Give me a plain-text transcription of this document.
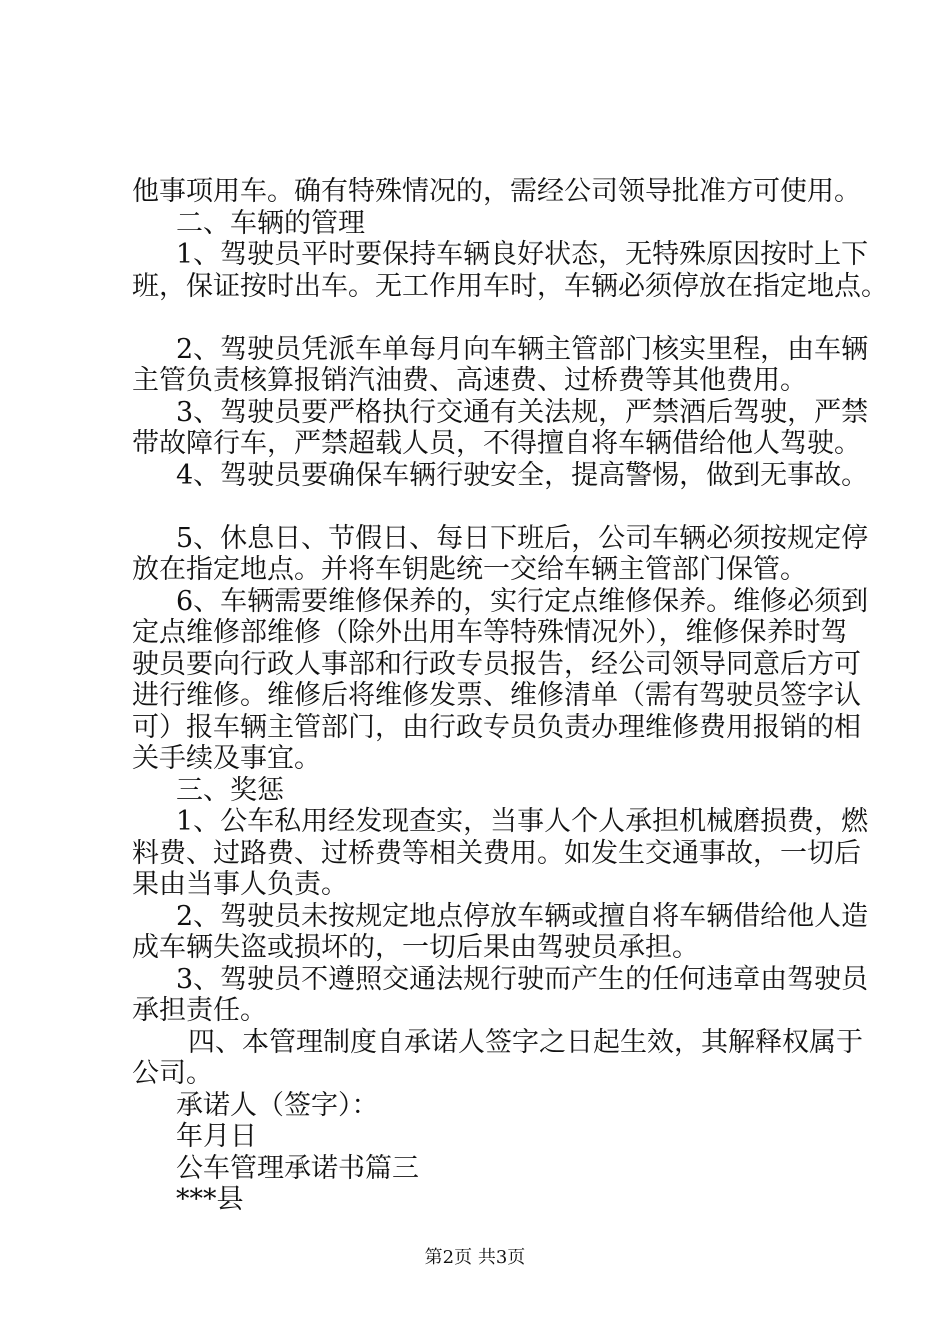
他事项用车。确有特殊情况的，需经公司领导批准方可使用。
二、车辆的管理
1、驾驶员平时要保持车辆良好状态，无特殊原因按时上下
班，保证按时出车。无工作用车时，车辆必须停放在指定地点。
2、驾驶员凭派车单每月向车辆主管部门核实里程，由车辆
主管负责核算报销汽油费、高速费、过桥费等其他费用。
3、驾驶员要严格执行交通有关法规，严禁酒后驾驶，严禁
带故障行车，严禁超载人员，不得擅自将车辆借给他人驾驶。
4、驾驶员要确保车辆行驶安全，提高警惕，做到无事故。
5、休息日、节假日、每日下班后，公司车辆必须按规定停
放在指定地点。并将车钥匙统一交给车辆主管部门保管。
6、车辆需要维修保养的，实行定点维修保养。维修必须到
定点维修部维修（除外出用车等特殊情况外），维修保养时驾
驶员要向行政人事部和行政专员报告，经公司领导同意后方可
进行维修。维修后将维修发票、维修清单（需有驾驶员签字认
可）报车辆主管部门，由行政专员负责办理维修费用报销的相
关手续及事宜。
三、奖惩
1、公车私用经发现查实，当事人个人承担机械磨损费，燃
料费、过路费、过桥费等相关费用。如发生交通事故，一切后
果由当事人负责。
2、驾驶员未按规定地点停放车辆或擅自将车辆借给他人造
成车辆失盗或损坏的，一切后果由驾驶员承担。
3、驾驶员不遵照交通法规行驶而产生的任何违章由驾驶员
承担责任。
四、本管理制度自承诺人签字之日起生效，其解释权属于
公司。
承诺人（签字）：
年月日
公车管理承诺书篇三
***县
第2页 共3页
